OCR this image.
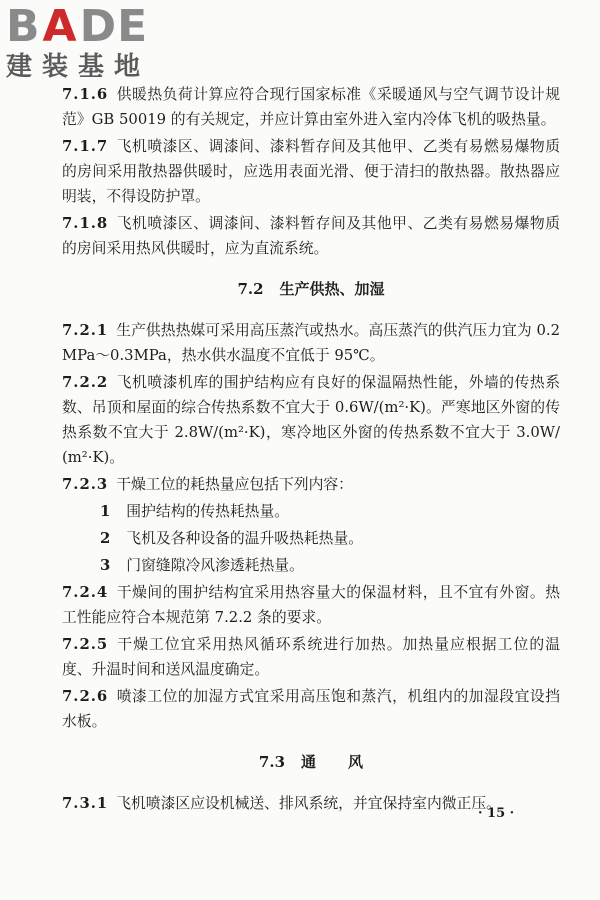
B A DE
建装基地

7.1.6 供暖热负荷计算应符合现行国家标准《采暖通风与空气调节设计规范》GB 50019 的有关规定，并应计算由室外进入室内冷体飞机的吸热量。

7.1.7 飞机喷漆区、调漆间、漆料暂存间及其他甲、乙类有易燃易爆物质的房间采用散热器供暖时，应选用表面光滑、便于清扫的散热器。散热器应明装，不得设防护罩。

7.1.8 飞机喷漆区、调漆间、漆料暂存间及其他甲、乙类有易燃易爆物质的房间采用热风供暖时，应为直流系统。

7.2 生产供热、加湿

7.2.1 生产供热热媒可采用高压蒸汽或热水。高压蒸汽的供汽压力宜为 0.2MPa～0.3MPa，热水供水温度不宜低于 95℃。

7.2.2 飞机喷漆机库的围护结构应有良好的保温隔热性能，外墙的传热系数、吊顶和屋面的综合传热系数不宜大于 0.6W/(m²·K)。严寒地区外窗的传热系数不宜大于 2.8W/(m²·K)，寒冷地区外窗的传热系数不宜大于 3.0W/(m²·K)。

7.2.3 干燥工位的耗热量应包括下列内容：

1 围护结构的传热耗热量。

2 飞机及各种设备的温升吸热耗热量。

3 门窗缝隙冷风渗透耗热量。

7.2.4 干燥间的围护结构宜采用热容量大的保温材料，且不宜有外窗。热工性能应符合本规范第 7.2.2 条的要求。

7.2.5 干燥工位宜采用热风循环系统进行加热。加热量应根据工位的温度、升温时间和送风温度确定。

7.2.6 喷漆工位的加湿方式宜采用高压饱和蒸汽，机组内的加湿段宜设挡水板。

7.3 通 风

7.3.1 飞机喷漆区应设机械送、排风系统，并宜保持室内微正压。

· 15 ·
